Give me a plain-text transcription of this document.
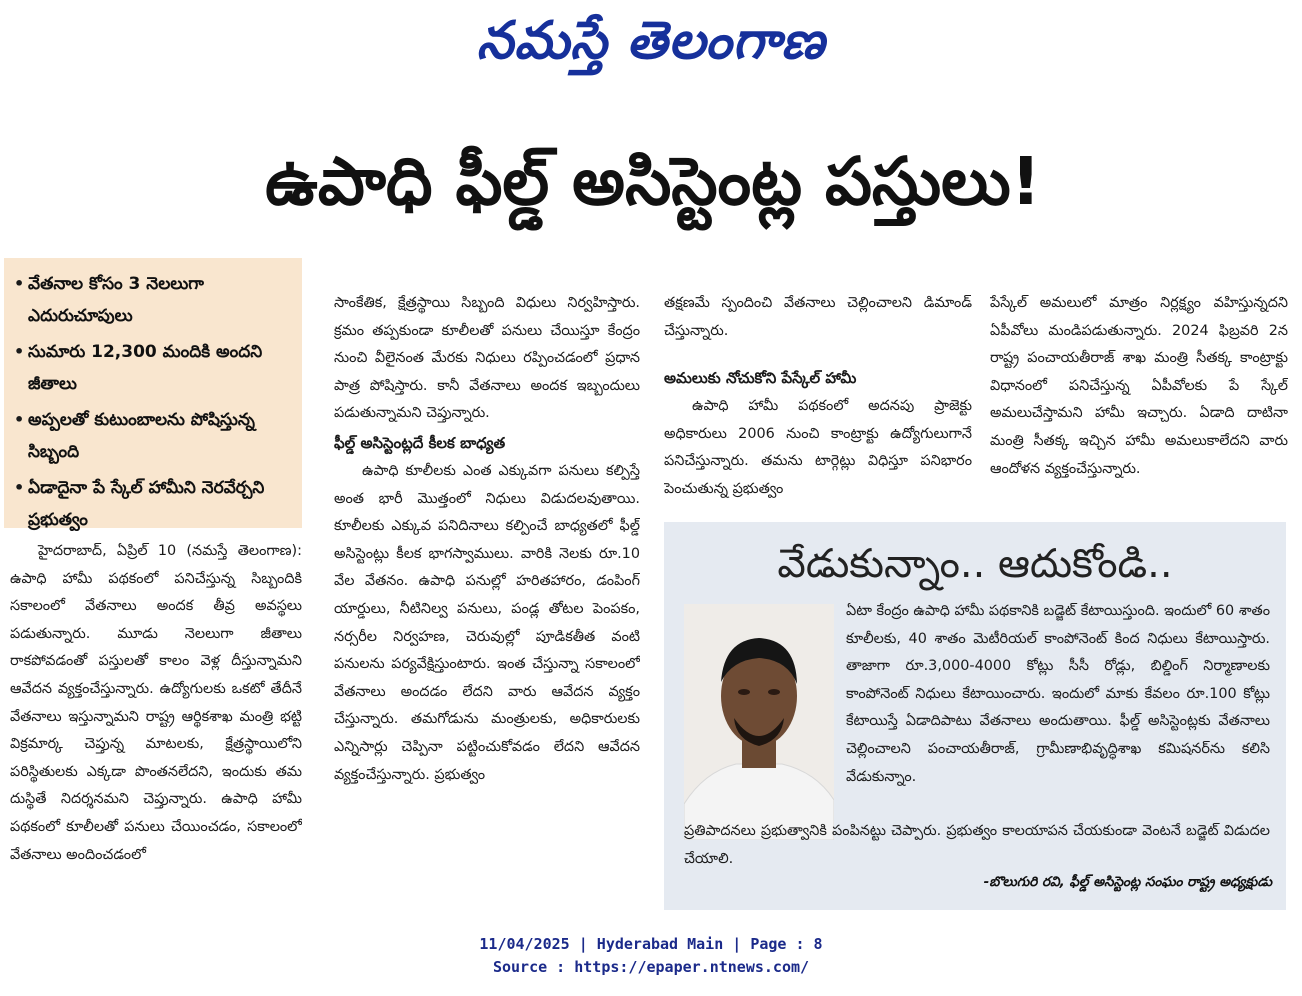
నమస్తే తెలంగాణ
ఉపాధి ఫీల్డ్ అసిస్టెంట్ల పస్తులు!
• వేతనాల కోసం 3 నెలలుగా ఎదురుచూపులు
• సుమారు 12,300 మందికి అందని జీతాలు
• అప్పలతో కుటుంబాలను పోషిస్తున్న సిబ్బంది
• ఏడాదైనా పే స్కేల్ హామీని నెరవేర్చని ప్రభుత్వం

హైదరాబాద్, ఏప్రిల్ 10 (నమస్తే తెలంగాణ): ఉపాధి హామీ పథకంలో పనిచేస్తున్న సిబ్బందికి సకాలంలో వేతనాలు అందక తీవ్ర అవస్థలు పడుతున్నారు. మూడు నెలలుగా జీతాలు రాకపోవడంతో పస్తులతో కాలం వెళ్ల దీస్తున్నామని ఆవేదన వ్యక్తంచేస్తున్నారు. ఉద్యోగులకు ఒకటో తేదీనే వేతనాలు ఇస్తున్నామని రాష్ట్ర ఆర్థికశాఖ మంత్రి భట్టి విక్రమార్క చెప్తున్న మాటలకు, క్షేత్రస్థాయిలోని పరిస్థితులకు ఎక్కడా పొంతనలేదని, ఇందుకు తమ దుస్థితే నిదర్శనమని చెప్తున్నారు. ఉపాధి హామీ పథకంలో కూలీలతో పనులు చేయించడం, సకాలంలో వేతనాలు అందించడంలో

సాంకేతిక, క్షేత్రస్థాయి సిబ్బంది విధులు నిర్వహిస్తారు. క్రమం తప్పకుండా కూలీలతో పనులు చేయిస్తూ కేంద్రం నుంచి వీలైనంత మేరకు నిధులు రప్పించడంలో ప్రధాన పాత్ర పోషిస్తారు. కానీ వేతనాలు అందక ఇబ్బందులు పడుతున్నామని చెప్తున్నారు.

ఫీల్డ్ అసిస్టెంట్లదే కీలక బాధ్యత

ఉపాధి కూలీలకు ఎంత ఎక్కువగా పనులు కల్పిస్తే అంత భారీ మొత్తంలో నిధులు విడుదలవుతాయి. కూలీలకు ఎక్కువ పనిదినాలు కల్పించే బాధ్యతలో ఫీల్డ్ అసిస్టెంట్లు కీలక భాగస్వాములు. వారికి నెలకు రూ.10 వేల వేతనం. ఉపాధి పనుల్లో హరితహారం, డంపింగ్ యార్డులు, నీటినిల్వ పనులు, పండ్ల తోటల పెంపకం, నర్సరీల నిర్వహణ, చెరువుల్లో పూడికతీత వంటి పనులను పర్యవేక్షిస్తుంటారు. ఇంత చేస్తున్నా సకాలంలో వేతనాలు అందడం లేదని వారు ఆవేదన వ్యక్తం చేస్తున్నారు. తమగోడును మంత్రులకు, అధికారులకు ఎన్నిసార్లు చెప్పినా పట్టించుకోవడం లేదని ఆవేదన వ్యక్తంచేస్తున్నారు. ప్రభుత్వం

తక్షణమే స్పందించి వేతనాలు చెల్లించాలని డిమాండ్ చేస్తున్నారు.

అమలుకు నోచుకోని పేస్కేల్ హామీ

ఉపాధి హామీ పథకంలో అదనపు ప్రాజెక్టు అధికారులు 2006 నుంచి కాంట్రాక్టు ఉద్యోగులుగానే పనిచేస్తున్నారు. తమను టార్గెట్లు విధిస్తూ పనిభారం పెంచుతున్న ప్రభుత్వం

పేస్కేల్ అమలులో మాత్రం నిర్లక్ష్యం వహిస్తున్నదని ఏపీవోలు మండిపడుతున్నారు. 2024 ఫిబ్రవరి 2న రాష్ట్ర పంచాయతీరాజ్ శాఖ మంత్రి సీతక్క కాంట్రాక్టు విధానంలో పనిచేస్తున్న ఏపీవోలకు పే స్కేల్ అమలుచేస్తామని హామీ ఇచ్చారు. ఏడాది దాటినా మంత్రి సీతక్క ఇచ్చిన హామీ అమలుకాలేదని వారు ఆందోళన వ్యక్తంచేస్తున్నారు.

వేడుకున్నాం.. ఆదుకోండి..
ఏటా కేంద్రం ఉపాధి హామీ పథకానికి బడ్జెట్ కేటాయిస్తుంది. ఇందులో 60 శాతం కూలీలకు, 40 శాతం మెటీరియల్ కాంపోనెంట్ కింద నిధులు కేటాయిస్తారు. తాజాగా రూ.3,000-4000 కోట్లు సీసీ రోడ్లు, బిల్డింగ్ నిర్మాణాలకు కాంపోనెంట్ నిధులు కేటాయించారు. ఇందులో మాకు కేవలం రూ.100 కోట్లు కేటాయిస్తే ఏడాదిపాటు వేతనాలు అందుతాయి. ఫీల్డ్ అసిస్టెంట్లకు వేతనాలు చెల్లించాలని పంచాయతీరాజ్, గ్రామీణాభివృద్ధిశాఖ కమిషనర్‌ను కలిసి వేడుకున్నాం.
ప్రతిపాదనలు ప్రభుత్వానికి పంపినట్టు చెప్పారు. ప్రభుత్వం కాలయాపన చేయకుండా వెంటనే బడ్జెట్ విడుదల చేయాలి.
-బొలుగురి రవి, ఫీల్డ్ అసిస్టెంట్ల సంఘం రాష్ట్ర అధ్యక్షుడు
11/04/2025 | Hyderabad Main | Page : 8
Source : https://epaper.ntnews.com/
